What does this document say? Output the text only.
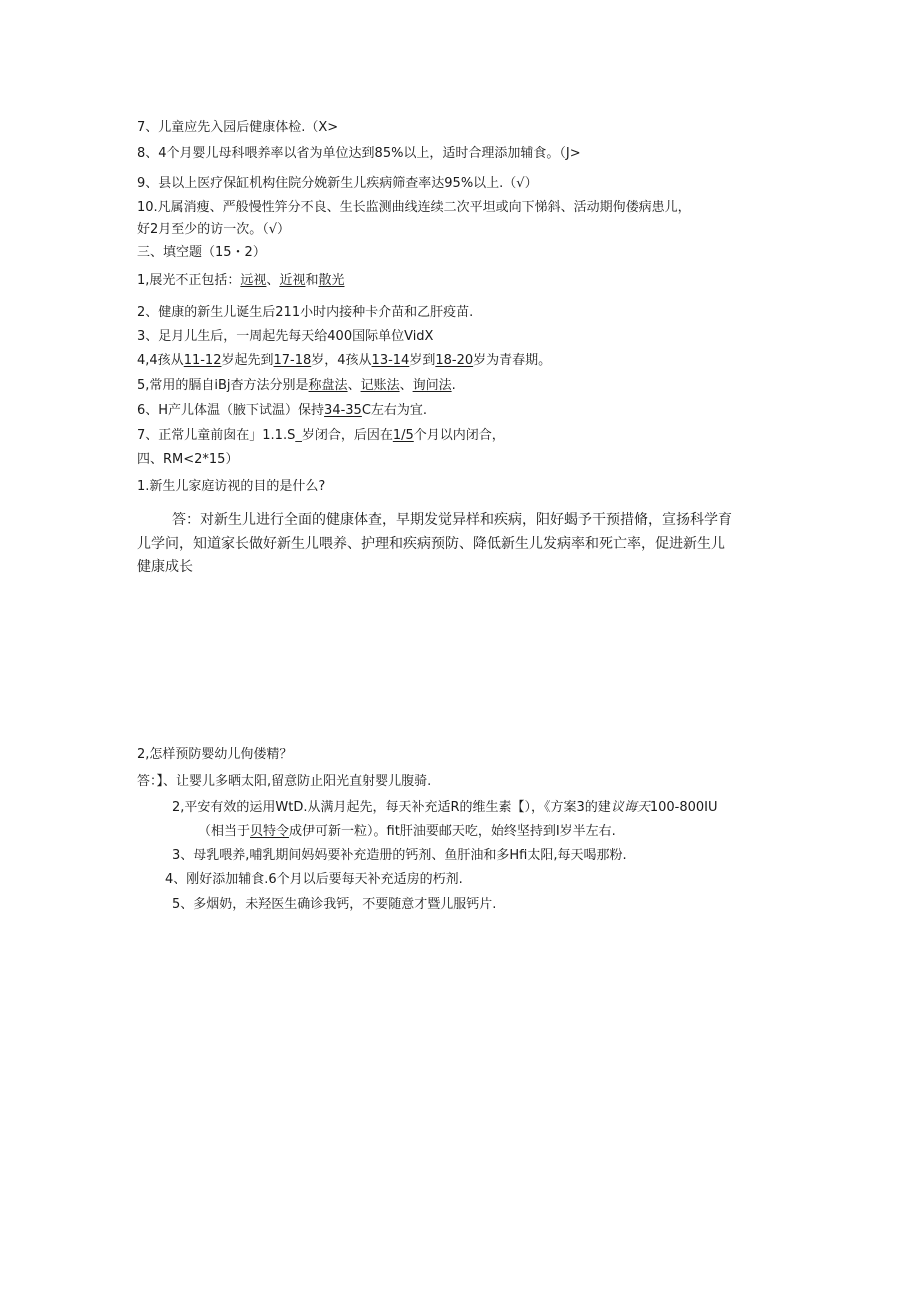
7、儿童应先入园后健康体检.（X>
8、4个月婴儿母科喂养率以省为单位达到85%以上，适时合理添加辅食。（J>
9、县以上医疗保缸机构住院分娩新生儿疾病筛查率达95%以上.（√）
10.凡属消瘦、严般慢性笄分不良、生长监测曲线连续二次平坦或向下悌斜、活动期佝偻病患儿，
好2月至少的访一次。（√）
三、填空题（15・2）
1,展光不正包括：远视、近视和散光
2、健康的新生儿诞生后211小时内接种卡介苗和乙肝疫苗.
3、足月儿生后，一周起先每天给400国际单位VidX
4,4孩从11-12岁起先到17-18岁，4孩从13-14岁到18-20岁为青春期。
5,常用的膈自iBj杳方法分别是称盘法、记账法、询问法.
6、H产儿体温（腋下试温）保持34-35C左右为宜.
7、正常儿童前囱在」1.1.S_岁闭合，后因在1/5个月以内闭合，
四、RM<2*15）
1.新生儿家庭访视的目的是什么?
答：对新生儿进行全面的健康体查，早期发觉异样和疾病，阳好蝎予干预措脩，宣扬科学育
儿学问，知道家长做好新生儿喂养、护理和疾病预防、降低新生儿发病率和死亡率，促进新生儿
健康成长
2,怎样预防婴幼儿佝偻精？
答：】、让婴儿多晒太阳,留意防止阳光直射婴儿腹骑.
2,平安有效的运用WtD.从满月起先，每天补充适R的维生素【），《方案3的建议诲天100-800IU
（相当于贝特令成伊可新一粒）。fit肝油要邮天吃，始终坚持到I岁半左右.
3、母乳喂养,哺乳期间妈妈要补充造册的钙剂、鱼肝油和多Hfi太阳,每天喝那粉.
4、刚好添加辅食.6个月以后要每天补充适房的朽剂.
5、多烟奶，未羟医生确诊我钙，不要随意才暨儿服钙片.
